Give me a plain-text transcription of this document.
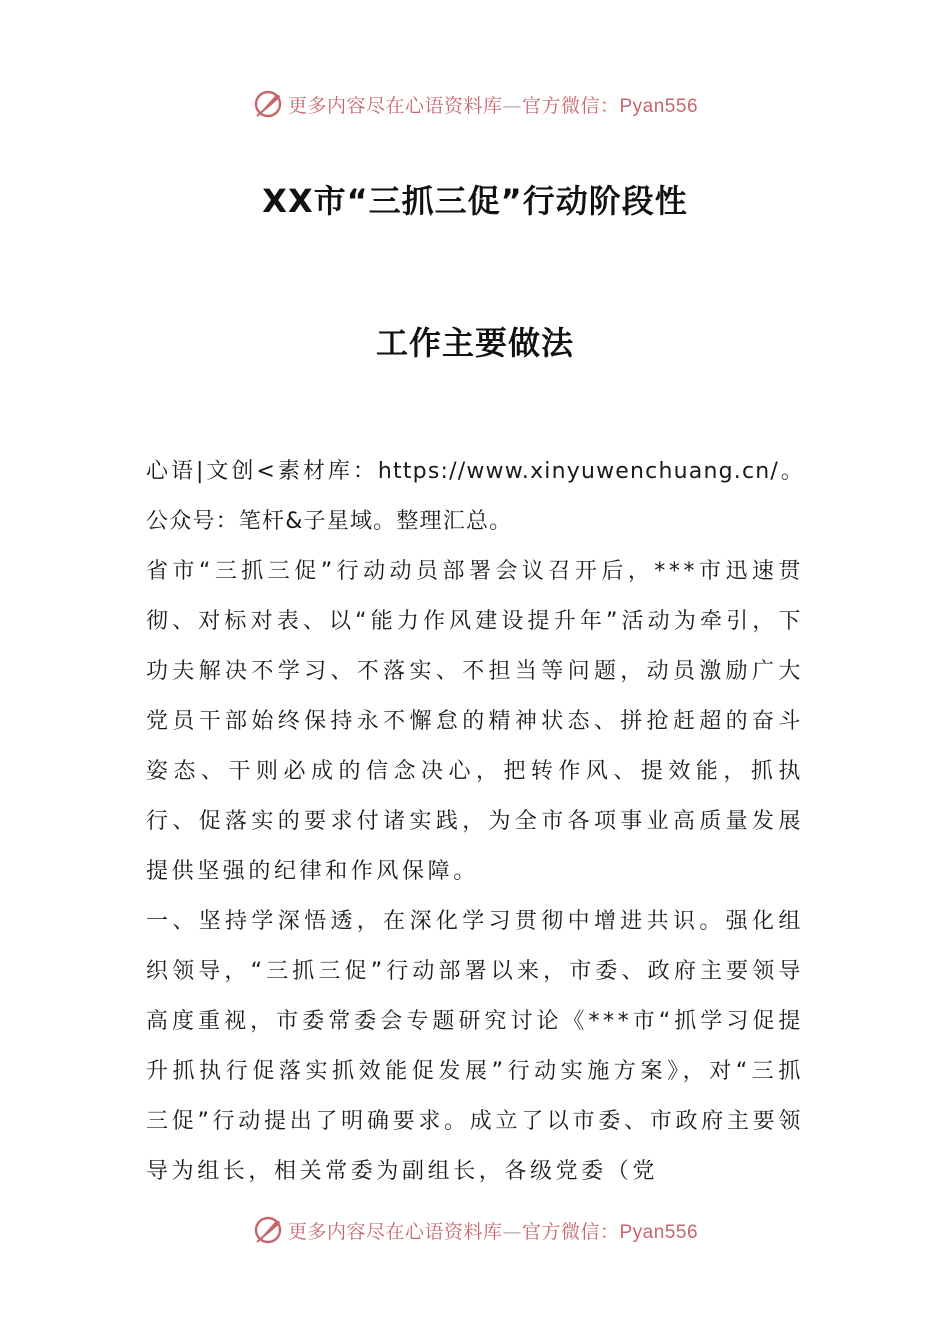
更多内容尽在心语资料库—官方微信：Pyan556
XX市“三抓三促”行动阶段性
工作主要做法

心语|文创<素材库：https://www.xinyuwenchuang.cn/。公众号：笔杆&子星域。整理汇总。

省市“三抓三促”行动动员部署会议召开后，***市迅速贯彻、对标对表、以“能力作风建设提升年”活动为牵引，下功夫解决不学习、不落实、不担当等问题，动员激励广大党员干部始终保持永不懈怠的精神状态、拼抢赶超的奋斗姿态、干则必成的信念决心，把转作风、提效能，抓执行、促落实的要求付诸实践，为全市各项事业高质量发展提供坚强的纪律和作风保障。

一、坚持学深悟透，在深化学习贯彻中增进共识。强化组织领导，“三抓三促”行动部署以来，市委、政府主要领导高度重视，市委常委会专题研究讨论《***市“抓学习促提升抓执行促落实抓效能促发展”行动实施方案》，对“三抓三促”行动提出了明确要求。成立了以市委、市政府主要领导为组长，相关常委为副组长，各级党委（党

更多内容尽在心语资料库—官方微信：Pyan556
